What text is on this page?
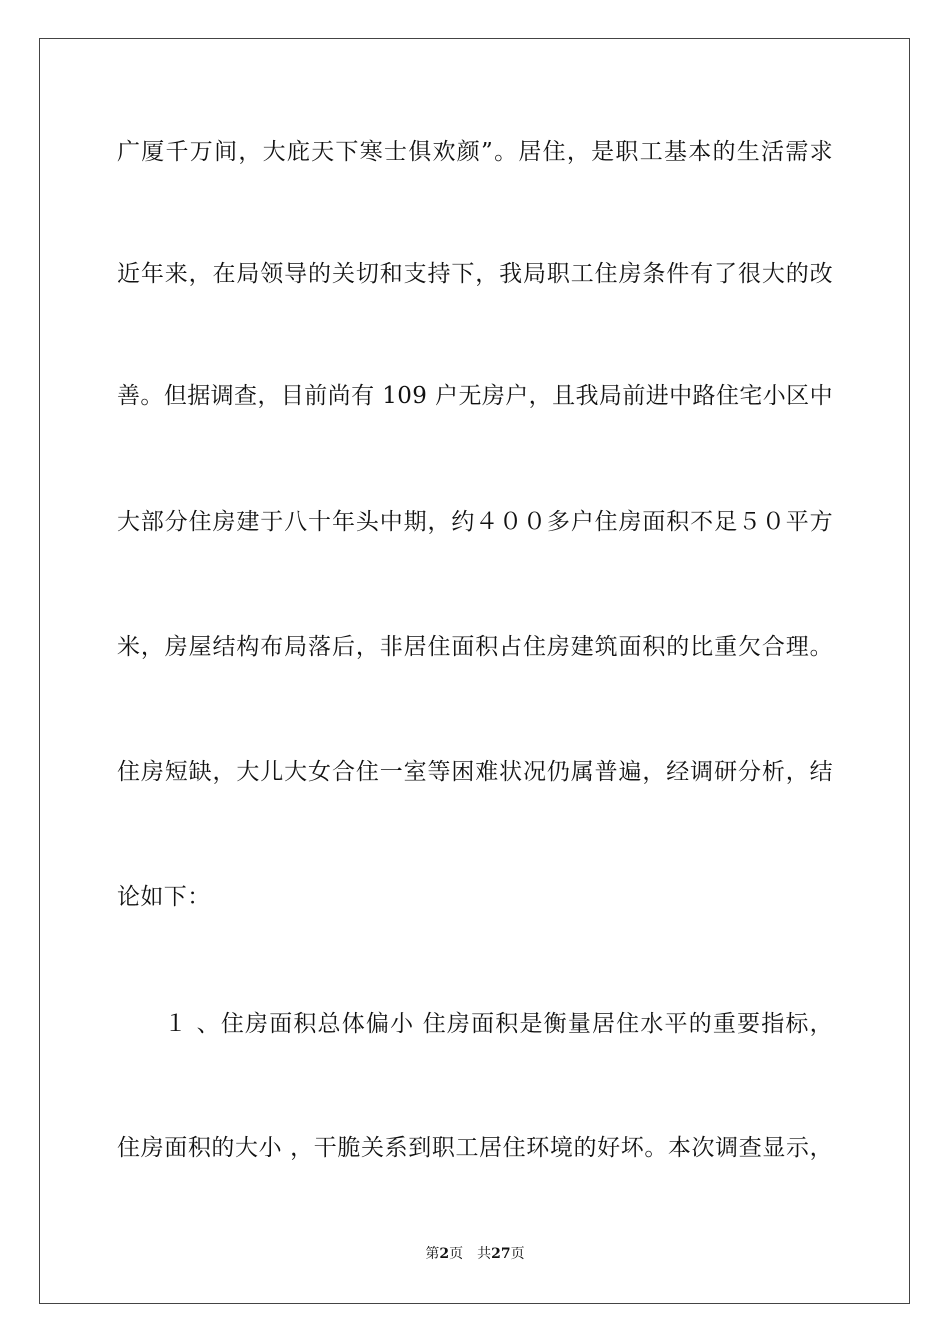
广厦千万间，大庇天下寒士俱欢颜”。居住，是职工基本的生活需求
近年来，在局领导的关切和支持下，我局职工住房条件有了很大的改
善。但据调查，目前尚有 109 户无房户，且我局前进中路住宅小区中
大部分住房建于八十年头中期，约４００多户住房面积不足５０平方
米，房屋结构布局落后，非居住面积占住房建筑面积的比重欠合理。
住房短缺，大儿大女合住一室等困难状况仍属普遍，经调研分析，结
论如下：
１ 、住房面积总体偏小 住房面积是衡量居住水平的重要指标，
住房面积的大小 ，干脆关系到职工居住环境的好坏。本次调查显示，
第2页 共27页
